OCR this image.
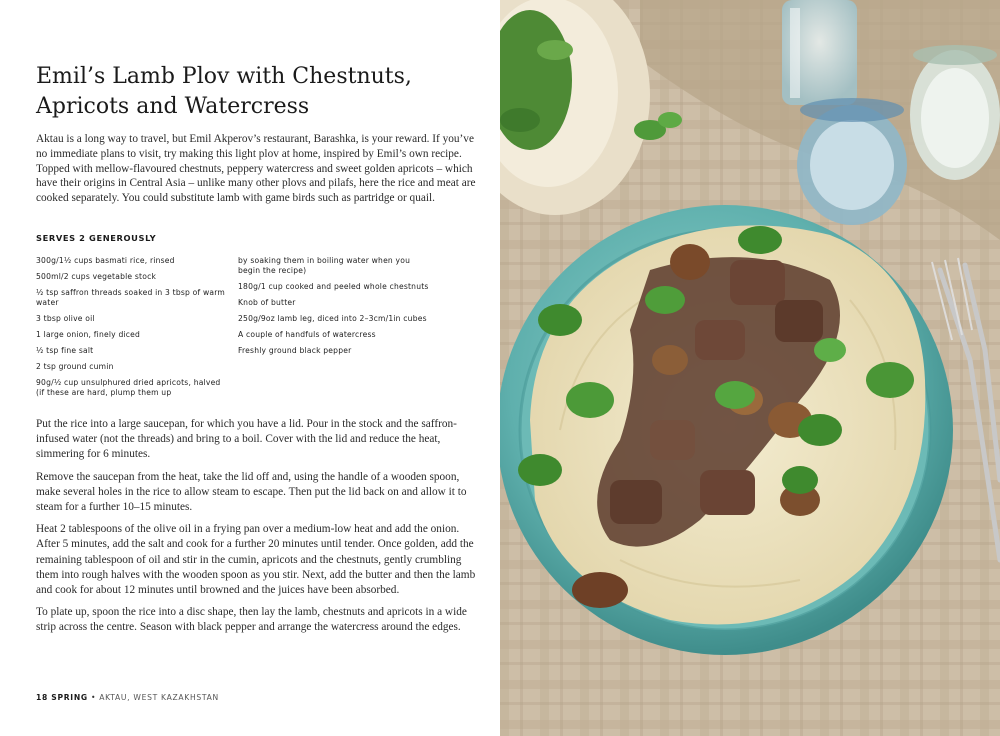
Emil’s Lamb Plov with Chestnuts, Apricots and Watercress

Aktau is a long way to travel, but Emil Akperov’s restaurant, Barashka, is your reward. If you’ve no immediate plans to visit, try making this light plov at home, inspired by Emil’s own recipe. Topped with mellow-flavoured chestnuts, peppery watercress and sweet golden apricots – which have their origins in Central Asia – unlike many other plovs and pilafs, here the rice and meat are cooked separately. You could substitute lamb with game birds such as partridge or quail.

SERVES 2 GENEROUSLY

300g/1½ cups basmati rice, rinsed
500ml/2 cups vegetable stock
½ tsp saffron threads soaked in 3 tbsp of warm water
3 tbsp olive oil
1 large onion, finely diced
½ tsp fine salt
2 tsp ground cumin
90g/½ cup unsulphured dried apricots, halved (if these are hard, plump them up
by soaking them in boiling water when you begin the recipe)
180g/1 cup cooked and peeled whole chestnuts
Knob of butter
250g/9oz lamb leg, diced into 2–3cm/1in cubes
A couple of handfuls of watercress
Freshly ground black pepper

Put the rice into a large saucepan, for which you have a lid. Pour in the stock and the saffron-infused water (not the threads) and bring to a boil. Cover with the lid and reduce the heat, simmering for 6 minutes.

Remove the saucepan from the heat, take the lid off and, using the handle of a wooden spoon, make several holes in the rice to allow steam to escape. Then put the lid back on and allow it to steam for a further 10–15 minutes.

Heat 2 tablespoons of the olive oil in a frying pan over a medium-low heat and add the onion. After 5 minutes, add the salt and cook for a further 20 minutes until tender. Once golden, add the remaining tablespoon of oil and stir in the cumin, apricots and the chestnuts, gently crumbling them into rough halves with the wooden spoon as you stir. Next, add the butter and then the lamb and cook for about 12 minutes until browned and the juices have been absorbed.

To plate up, spoon the rice into a disc shape, then lay the lamb, chestnuts and apricots in a wide strip across the centre. Season with black pepper and arrange the watercress around the edges.

18 SPRING • AKTAU, WEST KAZAKHSTAN
